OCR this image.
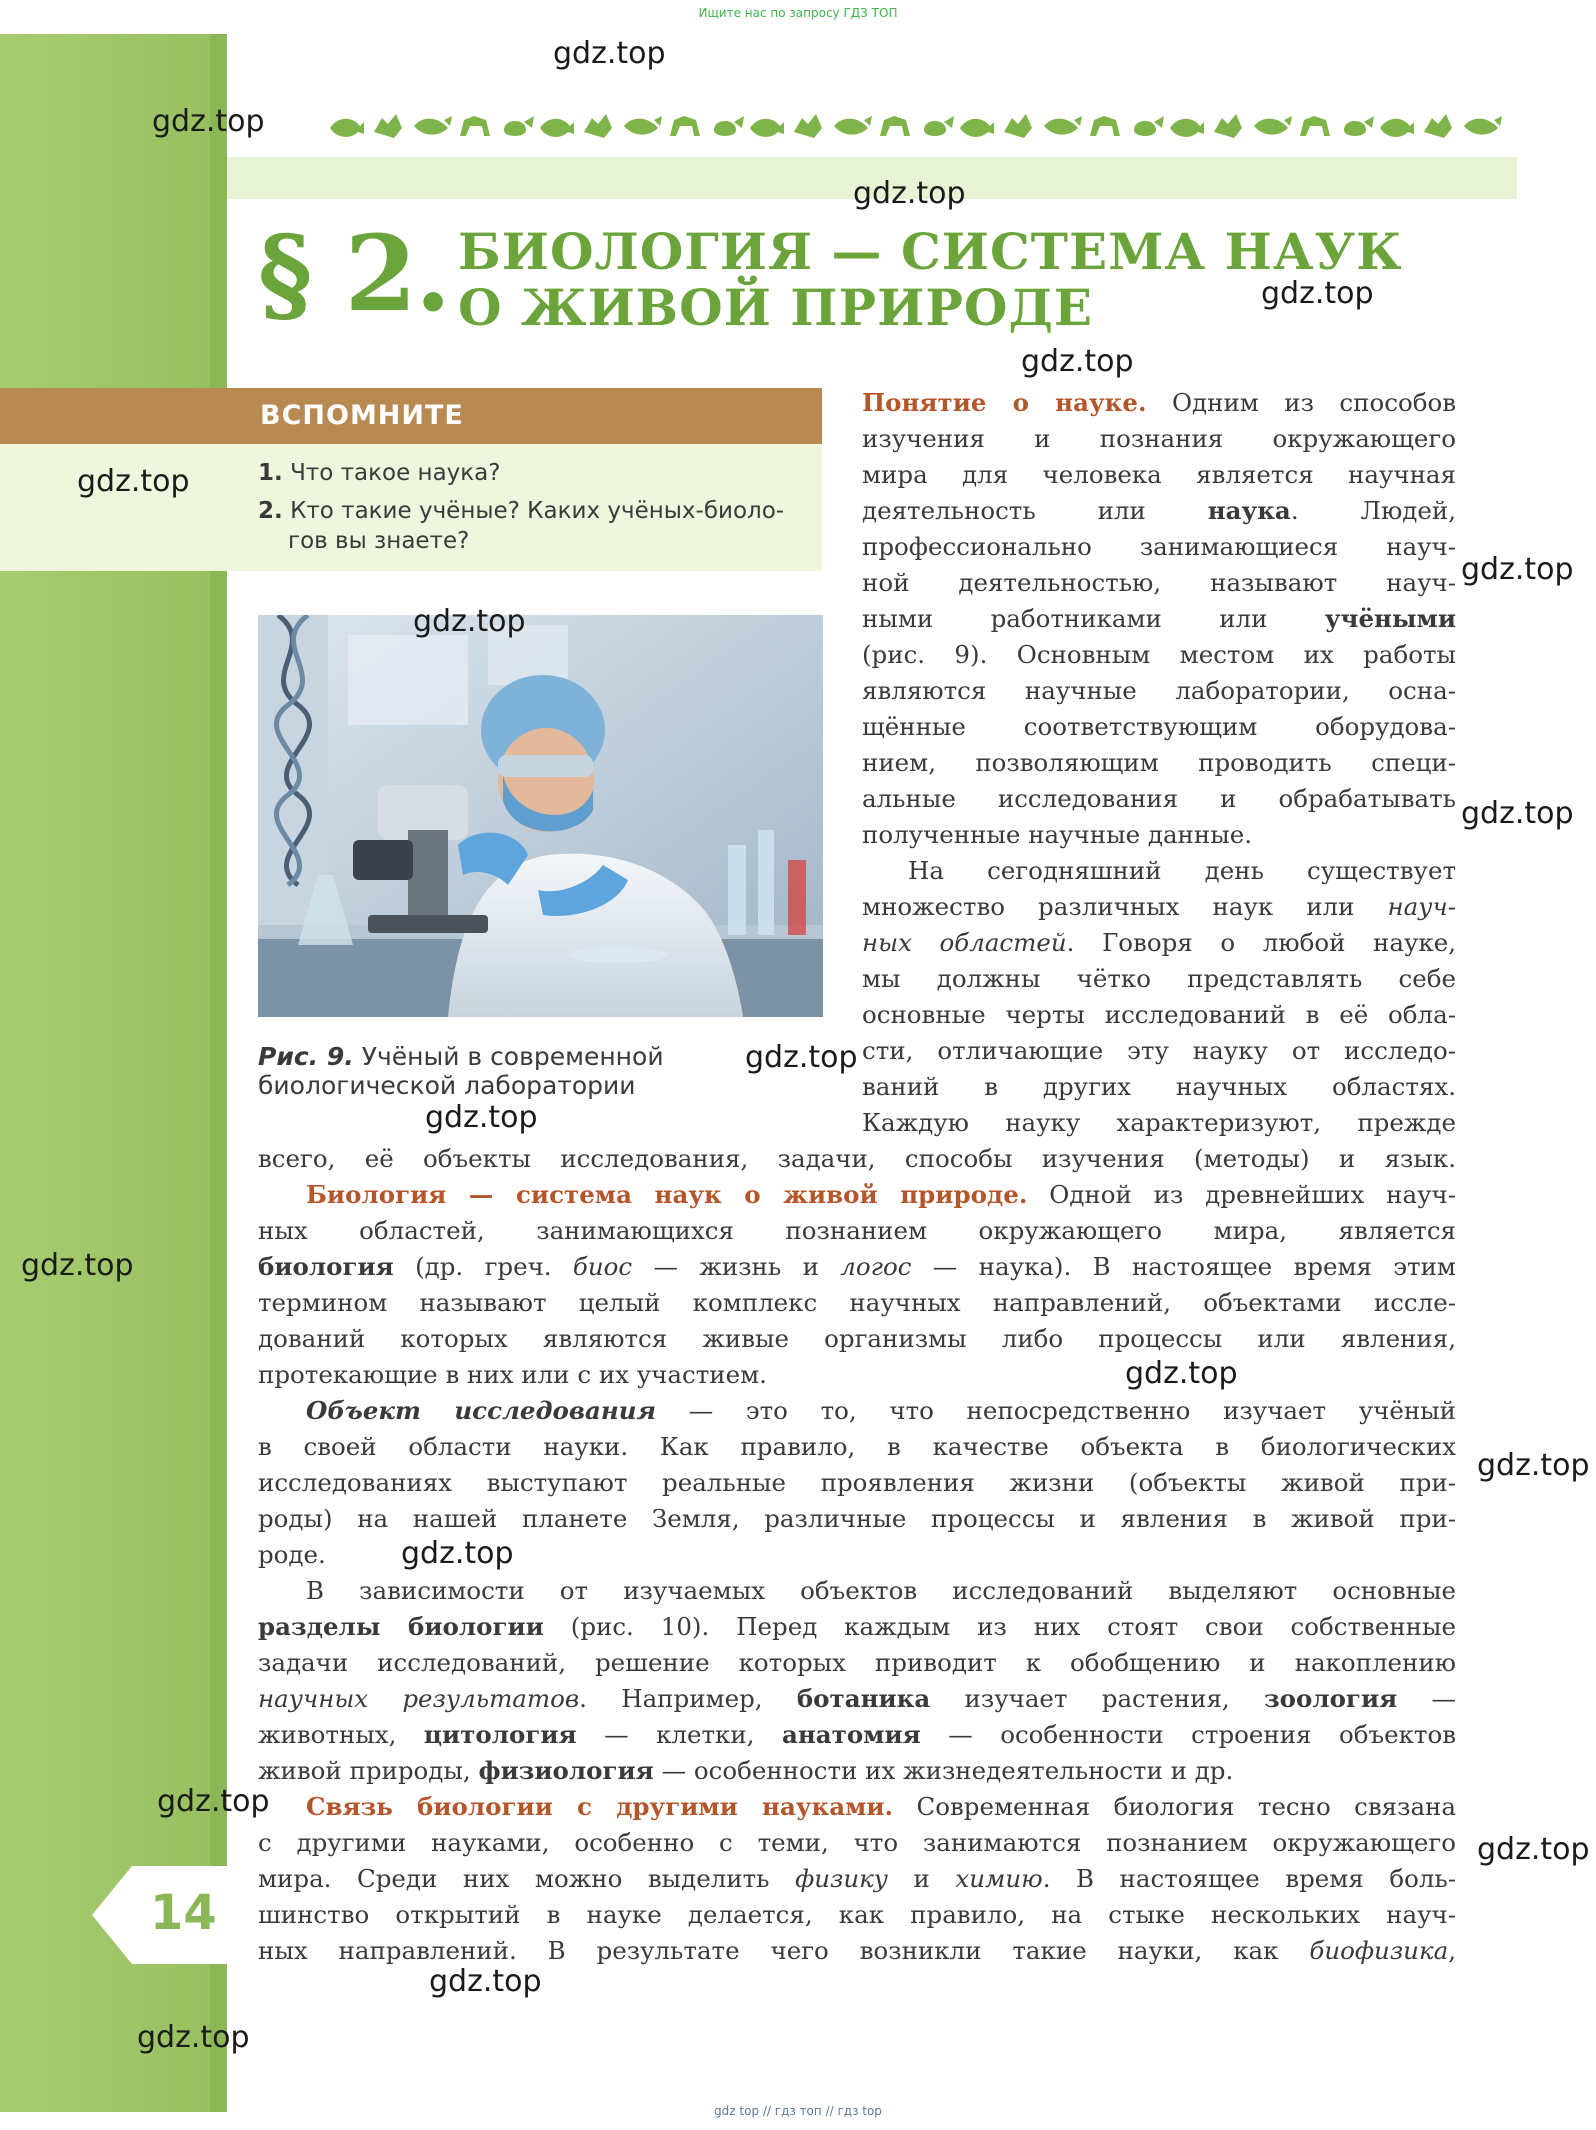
Ищите нас по запросу ГДЗ ТОП
§ 2. БИОЛОГИЯ — СИСТЕМА НАУК
О ЖИВОЙ ПРИРОДЕ
ВСПОМНИТЕ
1. Что такое наука?
2. Кто такие учёные? Каких учёных-биоло-
гов вы знаете?
Рис. 9. Учёный в современной
биологической лаборатории
Понятие о науке. Одним из способов
изучения и познания окружающего
мира для человека является научная
деятельность или наука. Людей,
профессионально занимающиеся науч-
ной деятельностью, называют науч-
ными работниками или учёными
(рис. 9). Основным местом их работы
являются научные лаборатории, осна-
щённые соответствующим оборудова-
нием, позволяющим проводить специ-
альные исследования и обрабатывать
полученные научные данные.
На сегодняшний день существует
множество различных наук или науч-
ных областей. Говоря о любой науке,
мы должны чётко представлять себе
основные черты исследований в её обла-
сти, отличающие эту науку от исследо-
ваний в других научных областях.
Каждую науку характеризуют, прежде
всего, её объекты исследования, задачи, способы изучения (методы) и язык.
Биология — система наук о живой природе. Одной из древнейших науч-
ных областей, занимающихся познанием окружающего мира, является
биология (др. греч. биос — жизнь и логос — наука). В настоящее время этим
термином называют целый комплекс научных направлений, объектами иссле-
дований которых являются живые организмы либо процессы или явления,
протекающие в них или с их участием.
Объект исследования — это то, что непосредственно изучает учёный
в своей области науки. Как правило, в качестве объекта в биологических
исследованиях выступают реальные проявления жизни (объекты живой при-
роды) на нашей планете Земля, различные процессы и явления в живой при-
роде.
В зависимости от изучаемых объектов исследований выделяют основные
разделы биологии (рис. 10). Перед каждым из них стоят свои собственные
задачи исследований, решение которых приводит к обобщению и накоплению
научных результатов. Например, ботаника изучает растения, зоология —
животных, цитология — клетки, анатомия — особенности строения объектов
живой природы, физиология — особенности их жизнедеятельности и др.
Связь биологии с другими науками. Современная биология тесно связана
с другими науками, особенно с теми, что занимаются познанием окружающего
мира. Среди них можно выделить физику и химию. В настоящее время боль-
шинство открытий в науке делается, как правило, на стыке нескольких науч-
ных направлений. В результате чего возникли такие науки, как биофизика,
14
gdz.top
gdz.top
gdz.top
gdz.top
gdz.top
gdz.top
gdz.top
gdz.top
gdz.top
gdz.top
gdz.top
gdz.top
gdz.top
gdz.top
gdz.top
gdz.top
gdz.top
gdz.top
gdz.top
gdz top // гдз топ // гдз top
